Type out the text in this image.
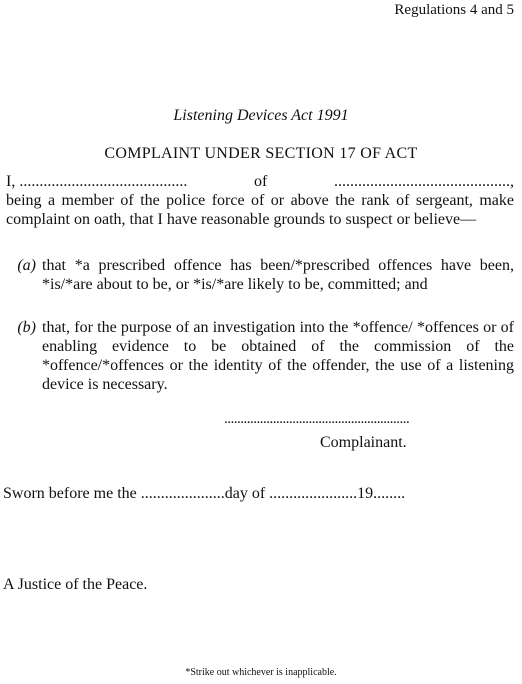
Regulations 4 and 5
Listening Devices Act 1991
COMPLAINT UNDER SECTION 17 OF ACT
I, ..........................................	of	............................................,
being a member of the police force of or above the rank of sergeant, make complaint on oath, that I have reasonable grounds to suspect or believe—
(a) that *a prescribed offence has been/*prescribed offences have been, *is/*are about to be, or *is/*are likely to be, committed; and
(b) that, for the purpose of an investigation into the *offence/ *offences or of enabling evidence to be obtained of the commission of the *offence/*offences or the identity of the offender, the use of a listening device is necessary.
.........................................................
Complainant.
Sworn before me the .....................day of ......................19........
A Justice of the Peace.
*Strike out whichever is inapplicable.
